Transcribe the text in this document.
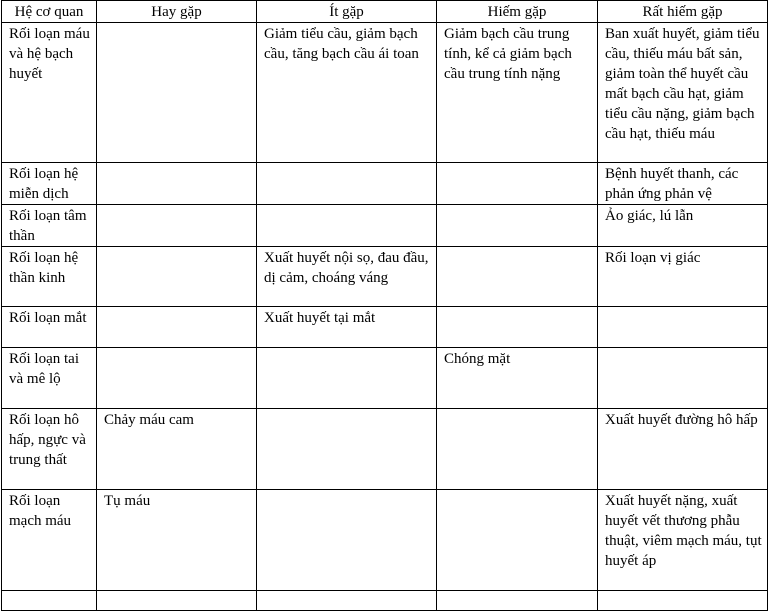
Hệ cơ quan	Hay gặp	Ít gặp	Hiếm gặp	Rất hiếm gặp
Rối loạn máu và hệ bạch huyết		Giảm tiểu cầu, giảm bạch cầu, tăng bạch cầu ái toan	Giảm bạch cầu trung tính, kể cả giảm bạch cầu trung tính nặng	Ban xuất huyết, giảm tiểu cầu, thiếu máu bất sản, giảm toàn thể huyết cầu mất bạch cầu hạt, giảm tiểu cầu nặng, giảm bạch cầu hạt, thiếu máu
Rối loạn hệ miễn dịch				Bệnh huyết thanh, các phản ứng phản vệ
Rối loạn tâm thần				Ảo giác, lú lẫn
Rối loạn hệ thần kinh		Xuất huyết nội sọ, đau đầu, dị cảm, choáng váng		Rối loạn vị giác
Rối loạn mắt		Xuất huyết tại mắt		
Rối loạn tai và mê lộ			Chóng mặt	
Rối loạn hô hấp, ngực và trung thất	Chảy máu cam			Xuất huyết đường hô hấp
Rối loạn mạch máu	Tụ máu			Xuất huyết nặng, xuất huyết vết thương phẫu thuật, viêm mạch máu, tụt huyết áp
